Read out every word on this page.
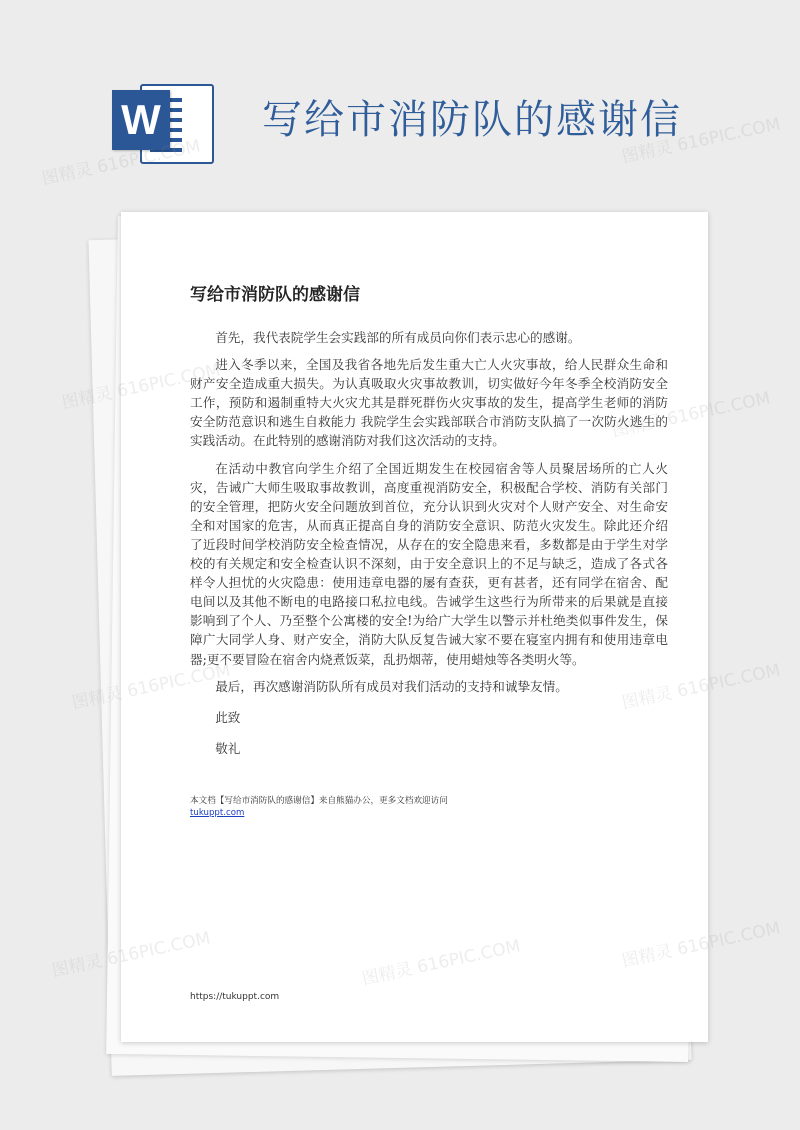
W	写给市消防队的感谢信
写给市消防队的感谢信

首先，我代表院学生会实践部的所有成员向你们表示忠心的感谢。

进入冬季以来，全国及我省各地先后发生重大亡人火灾事故，给人民群众生命和财产安全造成重大损失。为认真吸取火灾事故教训，切实做好今年冬季全校消防安全工作，预防和遏制重特大火灾尤其是群死群伤火灾事故的发生，提高学生老师的消防安全防范意识和逃生自救能力 我院学生会实践部联合市消防支队搞了一次防火逃生的实践活动。在此特别的感谢消防对我们这次活动的支持。

在活动中教官向学生介绍了全国近期发生在校园宿舍等人员聚居场所的亡人火灾，告诫广大师生吸取事故教训，高度重视消防安全，积极配合学校、消防有关部门的安全管理，把防火安全问题放到首位，充分认识到火灾对个人财产安全、对生命安全和对国家的危害，从而真正提高自身的消防安全意识、防范火灾发生。除此还介绍了近段时间学校消防安全检查情况，从存在的安全隐患来看，多数都是由于学生对学校的有关规定和安全检查认识不深刻，由于安全意识上的不足与缺乏，造成了各式各样令人担忧的火灾隐患：使用违章电器的屡有查获，更有甚者，还有同学在宿舍、配电间以及其他不断电的电路接口私拉电线。告诫学生这些行为所带来的后果就是直接影响到了个人、乃至整个公寓楼的安全!为给广大学生以警示并杜绝类似事件发生，保障广大同学人身、财产安全，消防大队反复告诫大家不要在寝室内拥有和使用违章电器;更不要冒险在宿舍内烧煮饭菜，乱扔烟蒂，使用蜡烛等各类明火等。

最后，再次感谢消防队所有成员对我们活动的支持和诚挚友情。

此致

敬礼

本文档【写给市消防队的感谢信】来自熊猫办公，更多文档欢迎访问
tukuppt.com
https://tukuppt.com
图精灵 616PIC.COM	图精灵 616PIC.COM
图精灵	616PIC.COM
图精灵	616PIC.COM
图精灵
616PIC.COM
